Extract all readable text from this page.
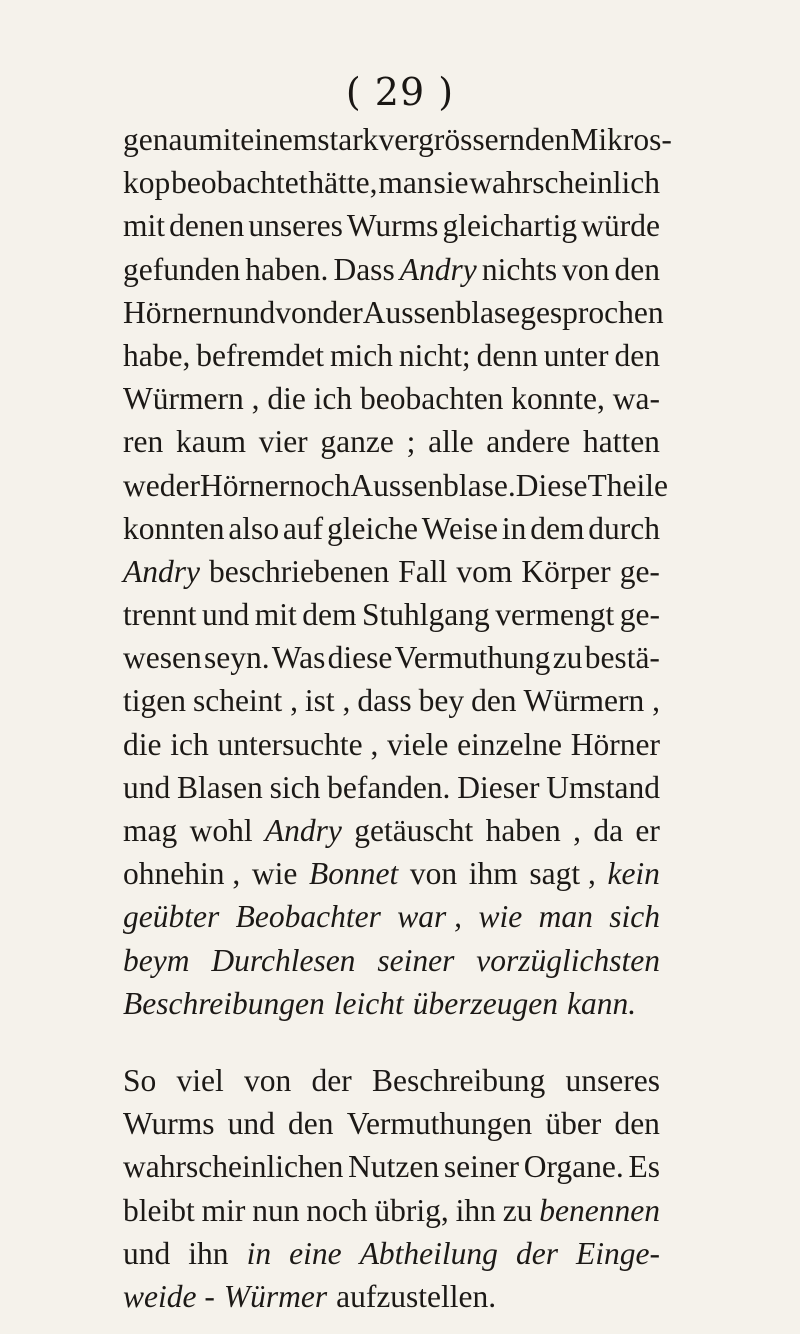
( 29 )
genau mit einem stark vergrössernden Mikros-
kop beobachtet hätte, man sie wahrscheinlich
mit denen unseres Wurms gleichartig würde
gefunden haben. Dass Andry nichts von den
Hörnern und von der Aussenblase gesprochen
habe, befremdet mich nicht; denn unter den
Würmern , die ich beobachten konnte, wa-
ren kaum vier ganze ; alle andere hatten
weder Hörner noch Aussenblase. Diese Theile
konnten also auf gleiche Weise in dem durch
Andry beschriebenen Fall vom Körper ge-
trennt und mit dem Stuhlgang vermengt ge-
wesen seyn. Was diese Vermuthung zu bestä-
tigen scheint , ist , dass bey den Würmern ,
die ich untersuchte , viele einzelne Hörner
und Blasen sich befanden. Dieser Umstand
mag wohl Andry getäuscht haben , da er
ohnehin , wie Bonnet von ihm sagt , kein
geübter Beobachter war , wie man sich
beym Durchlesen seiner vorzüglichsten
Beschreibungen leicht überzeugen kann.
So viel von der Beschreibung unseres
Wurms und den Vermuthungen über den
wahrscheinlichen Nutzen seiner Organe. Es
bleibt mir nun noch übrig, ihn zu benennen
und ihn in eine Abtheilung der Einge-
weide - Würmer aufzustellen.
